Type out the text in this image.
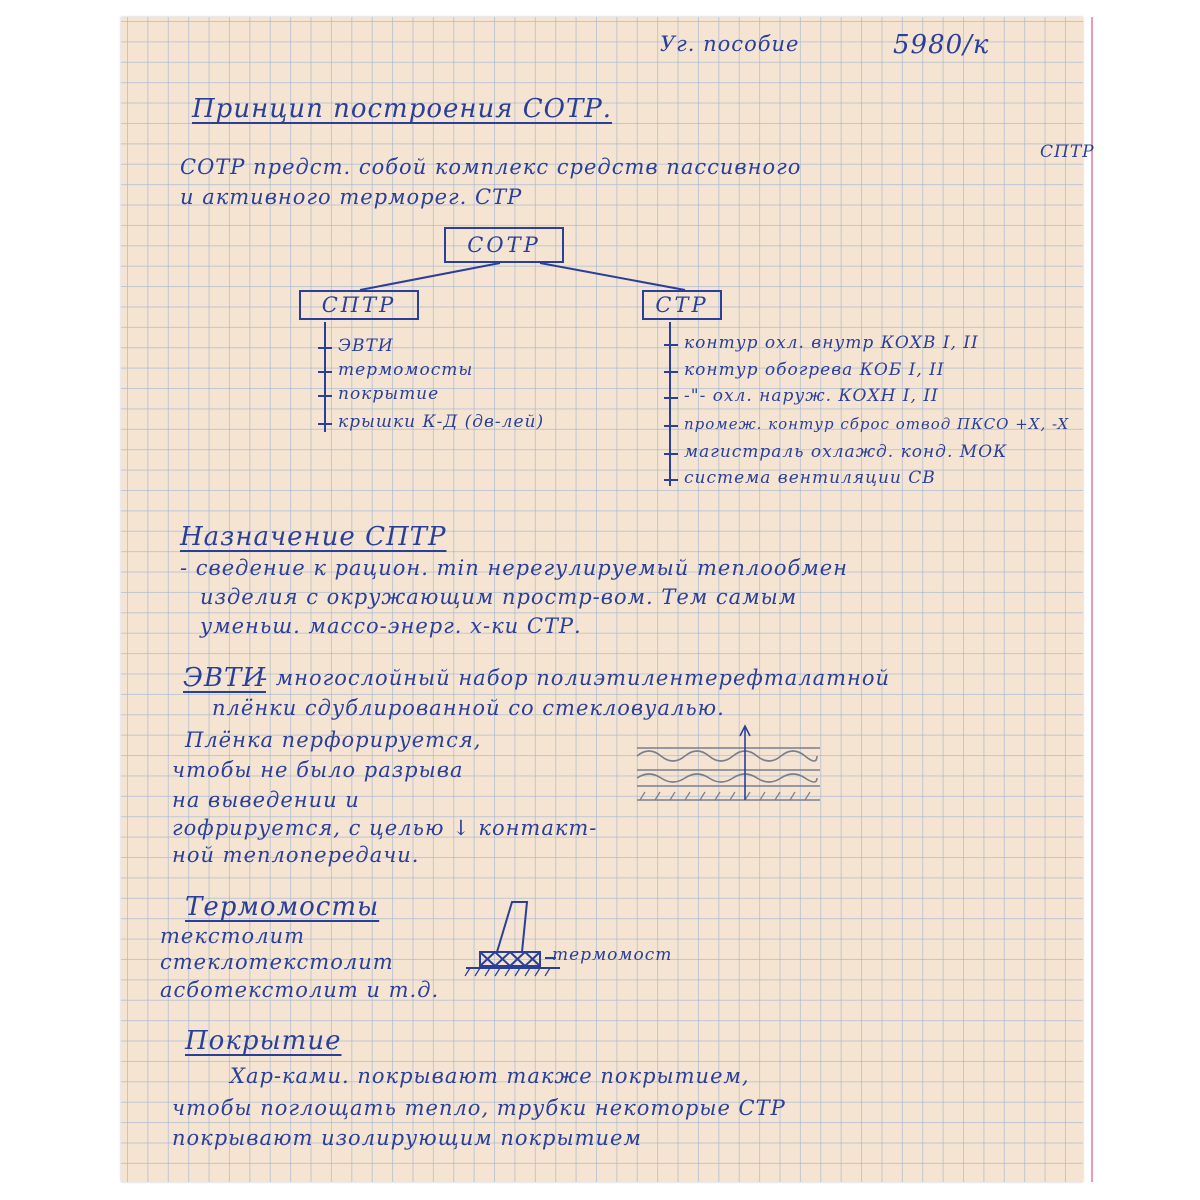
Уг. пособие	5980/к
Принцип построения СОТР.
СОТР предст. собой комплекс средств пассивного
и активного терморег. СТР
СПТР
СОТР
СПТР	СТР
ЭВТИ
термомосты
покрытие
крышки К-Д (дв-лей)
контур охл. внутр КОХВ I, II
контур обогрева КОБ I, II
-"- охл. наруж. КОХН I, II
промеж. контур сброс отвод ПКСО +X, -X
магистраль охлажд. конд. МОК
система вентиляции СВ
Назначение СПТР
- сведение к рацион. min нерегулируемый теплообмен
изделия с окружающим простр-вом. Тем самым
уменьш. массо-энерг. х-ки СТР.
ЭВТИ
- многослойный набор полиэтилентерефталатной
плёнки сдублированной со стекловуалью.
Плёнка перфорируется,
чтобы не было разрыва
на выведении и
гофрируется, с целью ↓ контакт-
ной теплопередачи.
Термомосты
текстолит
стеклотекстолит
асботекстолит и т.д.
термомост
Покрытие
Хар-ками. покрывают также покрытием,
чтобы поглощать тепло, трубки некоторые СТР
покрывают изолирующим покрытием
